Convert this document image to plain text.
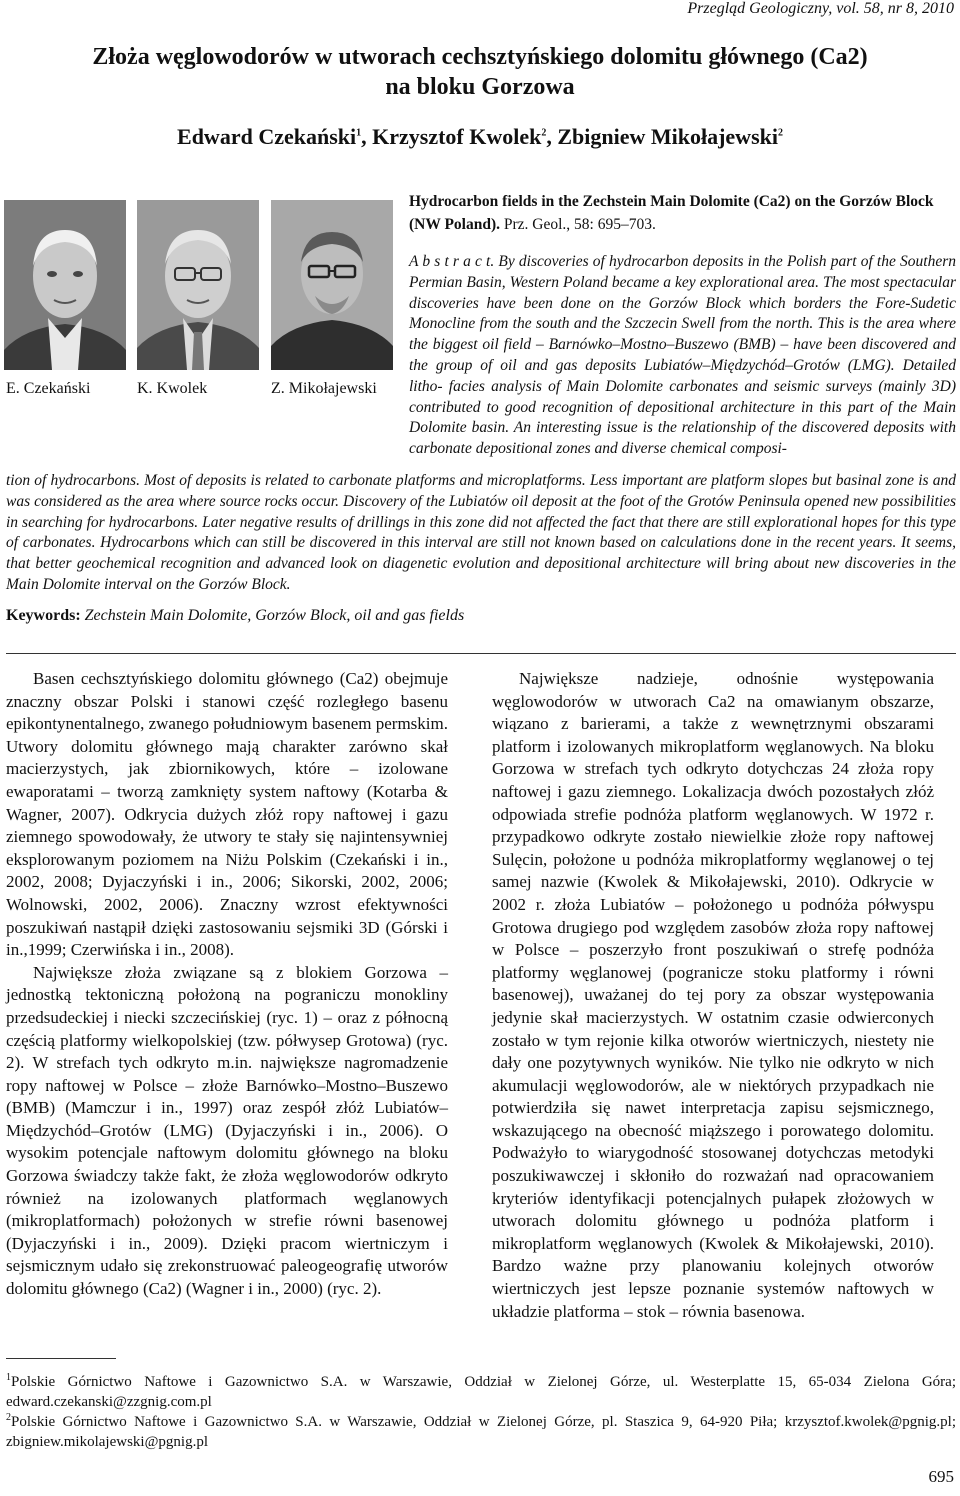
Przegląd Geologiczny, vol. 58, nr 8, 2010
Złoża węglowodorów w utworach cechsztyńskiego dolomitu głównego (Ca2)
na bloku Gorzowa
Edward Czekański$^1$, Krzysztof Kwolek$^2$, Zbigniew Mikołajewski$^2$
E. Czekański	K. Kwolek	Z. Mikołajewski
Hydrocarbon fields in the Zechstein Main Dolomite (Ca2) on the Gorzów Block (NW Poland). Prz. Geol., 58: 695–703.
A b s t r a c t. By discoveries of hydrocarbon deposits in the Polish part of the Southern Permian Basin, Western Poland became a key explorational area. The most spectacular discoveries have been done on the Gorzów Block which borders the Fore-Sudetic Monocline from the south and the Szczecin Swell from the north. This is the area where the biggest oil field – Barnówko–Mostno–Buszewo (BMB) – have been discovered and the group of oil and gas deposits Lubiatów–Międzychód–Grotów (LMG). Detailed litho- facies analysis of Main Dolomite carbonates and seismic surveys (mainly 3D) contributed to good recognition of depositional architecture in this part of the Main Dolomite basin. An interesting issue is the relationship of the discovered deposits with carbonate depositional zones and diverse chemical composi-
tion of hydrocarbons. Most of deposits is related to carbonate platforms and microplatforms. Less important are platform slopes but basinal zone is and was considered as the area where source rocks occur. Discovery of the Lubiatów oil deposit at the foot of the Grotów Peninsula opened new possibilities in searching for hydrocarbons. Later negative results of drillings in this zone did not affected the fact that there are still explorational hopes for this type of carbonates. Hydrocarbons which can still be discovered in this interval are still not known based on calculations done in the recent years. It seems, that better geochemical recognition and advanced look on diagenetic evolution and depositional architecture will bring about new discoveries in the Main Dolomite interval on the Gorzów Block.
Keywords: Zechstein Main Dolomite, Gorzów Block, oil and gas fields

Basen cechsztyńskiego dolomitu głównego (Ca2) obejmuje znaczny obszar Polski i stanowi część rozległego basenu epikontynentalnego, zwanego południowym basenem permskim. Utwory dolomitu głównego mają charakter zarówno skał macierzystych, jak zbiornikowych, które – izolowane ewaporatami – tworzą zamknięty system naftowy (Kotarba & Wagner, 2007). Odkrycia dużych złóż ropy naftowej i gazu ziemnego spowodowały, że utwory te stały się najintensywniej eksplorowanym poziomem na Niżu Polskim (Czekański i in., 2002, 2008; Dyjaczyński i in., 2006; Sikorski, 2002, 2006; Wolnowski, 2002, 2006). Znaczny wzrost efektywności poszukiwań nastąpił dzięki zastosowaniu sejsmiki 3D (Górski i in.,1999; Czerwińska i in., 2008).

Największe złoża związane są z blokiem Gorzowa – jednostką tektoniczną położoną na pograniczu monokliny przedsudeckiej i niecki szczecińskiej (ryc. 1) – oraz z północną częścią platformy wielkopolskiej (tzw. półwysep Grotowa) (ryc. 2). W strefach tych odkryto m.in. największe nagromadzenie ropy naftowej w Polsce – złoże Barnówko–Mostno–Buszewo (BMB) (Mamczur i in., 1997) oraz zespół złóż Lubiatów–Międzychód–Grotów (LMG) (Dyjaczyński i in., 2006). O wysokim potencjale naftowym dolomitu głównego na bloku Gorzowa świadczy także fakt, że złoża węglowodorów odkryto również na izolowanych platformach węglanowych (mikroplatformach) położonych w strefie równi basenowej (Dyjaczyński i in., 2009). Dzięki pracom wiertniczym i sejsmicznym udało się zrekonstruować paleogeografię utworów dolomitu głównego (Ca2) (Wagner i in., 2000) (ryc. 2).

Największe nadzieje, odnośnie występowania węglowodorów w utworach Ca2 na omawianym obszarze, wiązano z barierami, a także z wewnętrznymi obszarami platform i izolowanych mikroplatform węglanowych. Na bloku Gorzowa w strefach tych odkryto dotychczas 24 złoża ropy naftowej i gazu ziemnego. Lokalizacja dwóch pozostałych złóż odpowiada strefie podnóża platform węglanowych. W 1972 r. przypadkowo odkryte zostało niewielkie złoże ropy naftowej Sulęcin, położone u podnóża mikroplatformy węglanowej o tej samej nazwie (Kwolek & Mikołajewski, 2010). Odkrycie w 2002 r. złoża Lubiatów – położonego u podnóża półwyspu Grotowa drugiego pod względem zasobów złoża ropy naftowej w Polsce – poszerzyło front poszukiwań o strefę podnóża platformy węglanowej (pograniczе stoku platformy i równi basenowej), uważanej do tej pory za obszar występowania jedynie skał macierzystych. W ostatnim czasie odwierconych zostało w tym rejonie kilka otworów wiertniczych, niestety nie dały one pozytywnych wyników. Nie tylko nie odkryto w nich akumulacji węglowodorów, ale w niektórych przypadkach nie potwierdziła się nawet interpretacja zapisu sejsmicznego, wskazującego na obecność miąższego i porowatego dolomitu. Podważyło to wiarygodność stosowanej dotychczas metodyki poszukiwawczej i skłoniło do rozważań nad opracowaniem kryteriów identyfikacji potencjalnych pułapek złożowych w utworach dolomitu głównego u podnóża platform i mikroplatform węglanowych (Kwolek & Mikołajewski, 2010). Bardzo ważne przy planowaniu kolejnych otworów wiertniczych jest lepsze poznanie systemów naftowych w układzie platforma – stok – równia basenowa.

$^1$Polskie Górnictwo Naftowe i Gazownictwo S.A. w Warszawie, Oddział w Zielonej Górze, ul. Westerplatte 15, 65-034 Zielona Góra; edward.czekanski@zzgnig.com.pl

$^2$Polskie Górnictwo Naftowe i Gazownictwo S.A. w Warszawie, Oddział w Zielonej Górze, pl. Staszica 9, 64-920 Piła; krzysztof.kwolek@pgnig.pl; zbigniew.mikolajewski@pgnig.pl

695
